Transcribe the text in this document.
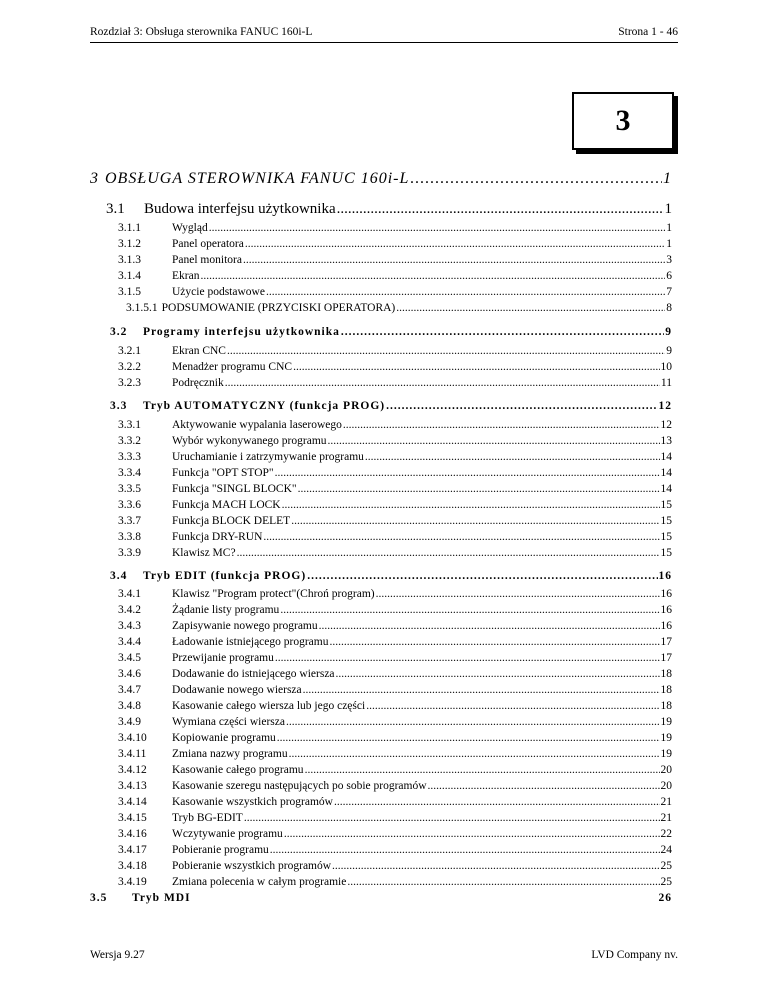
Rozdział 3: Obsługa sterownika FANUC 160i-L	Strona 1 - 46
3
3 OBSŁUGA STEROWNIKA FANUC 160i-L .....	1
3.1	Budowa interfejsu użytkownika .....	1
3.1.1	Wygląd .....	1
3.1.2	Panel operatora .....	1
3.1.3	Panel monitora .....	3
3.1.4	Ekran .....	6
3.1.5	Użycie podstawowe .....	7
3.1.5.1 PODSUMOWANIE (PRZYCISKI OPERATORA) .....	8
3.2	Programy interfejsu użytkownika .....	9
3.2.1	Ekran CNC .....	9
3.2.2	Menadżer programu CNC .....	10
3.2.3	Podręcznik .....	11
3.3	Tryb AUTOMATYCZNY (funkcja PROG) .....	12
3.3.1	Aktywowanie wypalania laserowego .....	12
3.3.2	Wybór wykonywanego programu .....	13
3.3.3	Uruchamianie i zatrzymywanie programu .....	14
3.3.4	Funkcja "OPT STOP" .....	14
3.3.5	Funkcja "SINGL BLOCK" .....	14
3.3.6	Funkcja MACH LOCK .....	15
3.3.7	Funkcja BLOCK DELET .....	15
3.3.8	Funkcja DRY-RUN .....	15
3.3.9	Klawisz MC? .....	15
3.4	Tryb EDIT (funkcja PROG) .....	16
3.4.1	Klawisz "Program protect"(Chroń program) .....	16
3.4.2	Żądanie listy programu .....	16
3.4.3	Zapisywanie nowego programu .....	16
3.4.4	Ładowanie istniejącego programu .....	17
3.4.5	Przewijanie programu .....	17
3.4.6	Dodawanie do istniejącego wiersza .....	18
3.4.7	Dodawanie nowego wiersza .....	18
3.4.8	Kasowanie całego wiersza lub jego części .....	18
3.4.9	Wymiana części wiersza .....	19
3.4.10	Kopiowanie programu .....	19
3.4.11	Zmiana nazwy programu .....	19
3.4.12	Kasowanie całego programu .....	20
3.4.13	Kasowanie szeregu następujących po sobie programów .....	20
3.4.14	Kasowanie wszystkich programów .....	21
3.4.15	Tryb BG-EDIT .....	21
3.4.16	Wczytywanie programu .....	22
3.4.17	Pobieranie programu .....	24
3.4.18	Pobieranie wszystkich programów .....	25
3.4.19	Zmiana polecenia w całym programie .....	25
3.5 Tryb MDI	26
Wersja 9.27	LVD Company nv.
